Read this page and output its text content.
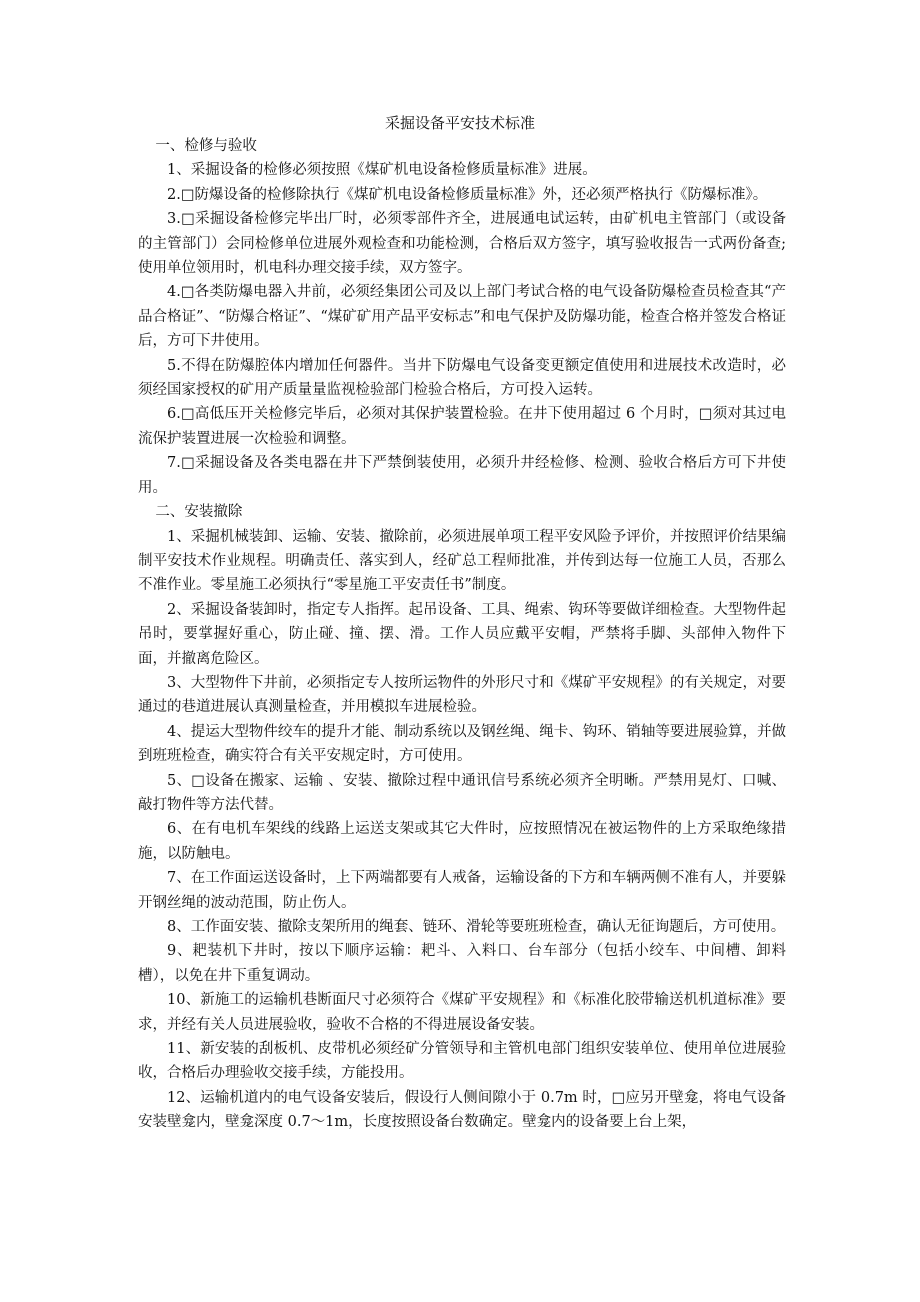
采掘设备平安技术标准

一、检修与验收

1、采掘设备的检修必须按照《煤矿机电设备检修质量标准》进展。

2.□防爆设备的检修除执行《煤矿机电设备检修质量标准》外，还必须严格执行《防爆标准》。

3.□采掘设备检修完毕出厂时，必须零部件齐全，进展通电试运转，由矿机电主管部门（或设备的主管部门）会同检修单位进展外观检查和功能检测，合格后双方签字，填写验收报告一式两份备查;使用单位领用时，机电科办理交接手续，双方签字。

4.□各类防爆电器入井前，必须经集团公司及以上部门考试合格的电气设备防爆检查员检查其“产品合格证”、“防爆合格证”、“煤矿矿用产品平安标志”和电气保护及防爆功能，检查合格并签发合格证后，方可下井使用。

5.不得在防爆腔体内增加任何器件。当井下防爆电气设备变更额定值使用和进展技术改造时，必须经国家授权的矿用产质量量监视检验部门检验合格后，方可投入运转。

6.□高低压开关检修完毕后，必须对其保护装置检验。在井下使用超过 6 个月时，□须对其过电流保护装置进展一次检验和调整。

7.□采掘设备及各类电器在井下严禁倒装使用，必须升井经检修、检测、验收合格后方可下井使用。

二、安装撤除

1、采掘机械装卸、运输、安装、撤除前，必须进展单项工程平安风险予评价，并按照评价结果编制平安技术作业规程。明确责任、落实到人，经矿总工程师批准，并传到达每一位施工人员，否那么不准作业。零星施工必须执行“零星施工平安责任书”制度。

2、采掘设备装卸时，指定专人指挥。起吊设备、工具、绳索、钩环等要做详细检查。大型物件起吊时，要掌握好重心，防止碰、撞、摆、滑。工作人员应戴平安帽，严禁将手脚、头部伸入物件下面，并撤离危险区。

3、大型物件下井前，必须指定专人按所运物件的外形尺寸和《煤矿平安规程》的有关规定，对要通过的巷道进展认真测量检查，并用模拟车进展检验。

4、提运大型物件绞车的提升才能、制动系统以及钢丝绳、绳卡、钩环、销轴等要进展验算，并做到班班检查，确实符合有关平安规定时，方可使用。

5、□设备在搬家、运输 、安装、撤除过程中通讯信号系统必须齐全明晰。严禁用晃灯、口喊、敲打物件等方法代替。

6、在有电机车架线的线路上运送支架或其它大件时，应按照情况在被运物件的上方采取绝缘措施，以防触电。

7、在工作面运送设备时，上下两端都要有人戒备，运输设备的下方和车辆两侧不准有人，并要躲开钢丝绳的波动范围，防止伤人。

8、工作面安装、撤除支架所用的绳套、链环、滑轮等要班班检查，确认无征询题后，方可使用。

9、耙装机下井时，按以下顺序运输：耙斗、入料口、台车部分（包括小绞车、中间槽、卸料槽），以免在井下重复调动。

10、新施工的运输机巷断面尺寸必须符合《煤矿平安规程》和《标准化胶带输送机机道标准》要求，并经有关人员进展验收，验收不合格的不得进展设备安装。

11、新安装的刮板机、皮带机必须经矿分管领导和主管机电部门组织安装单位、使用单位进展验收，合格后办理验收交接手续，方能投用。

12、运输机道内的电气设备安装后，假设行人侧间隙小于 0.7m 时，□应另开壁龛，将电气设备安装壁龛内，壁龛深度 0.7～1m，长度按照设备台数确定。壁龛内的设备要上台上架，
